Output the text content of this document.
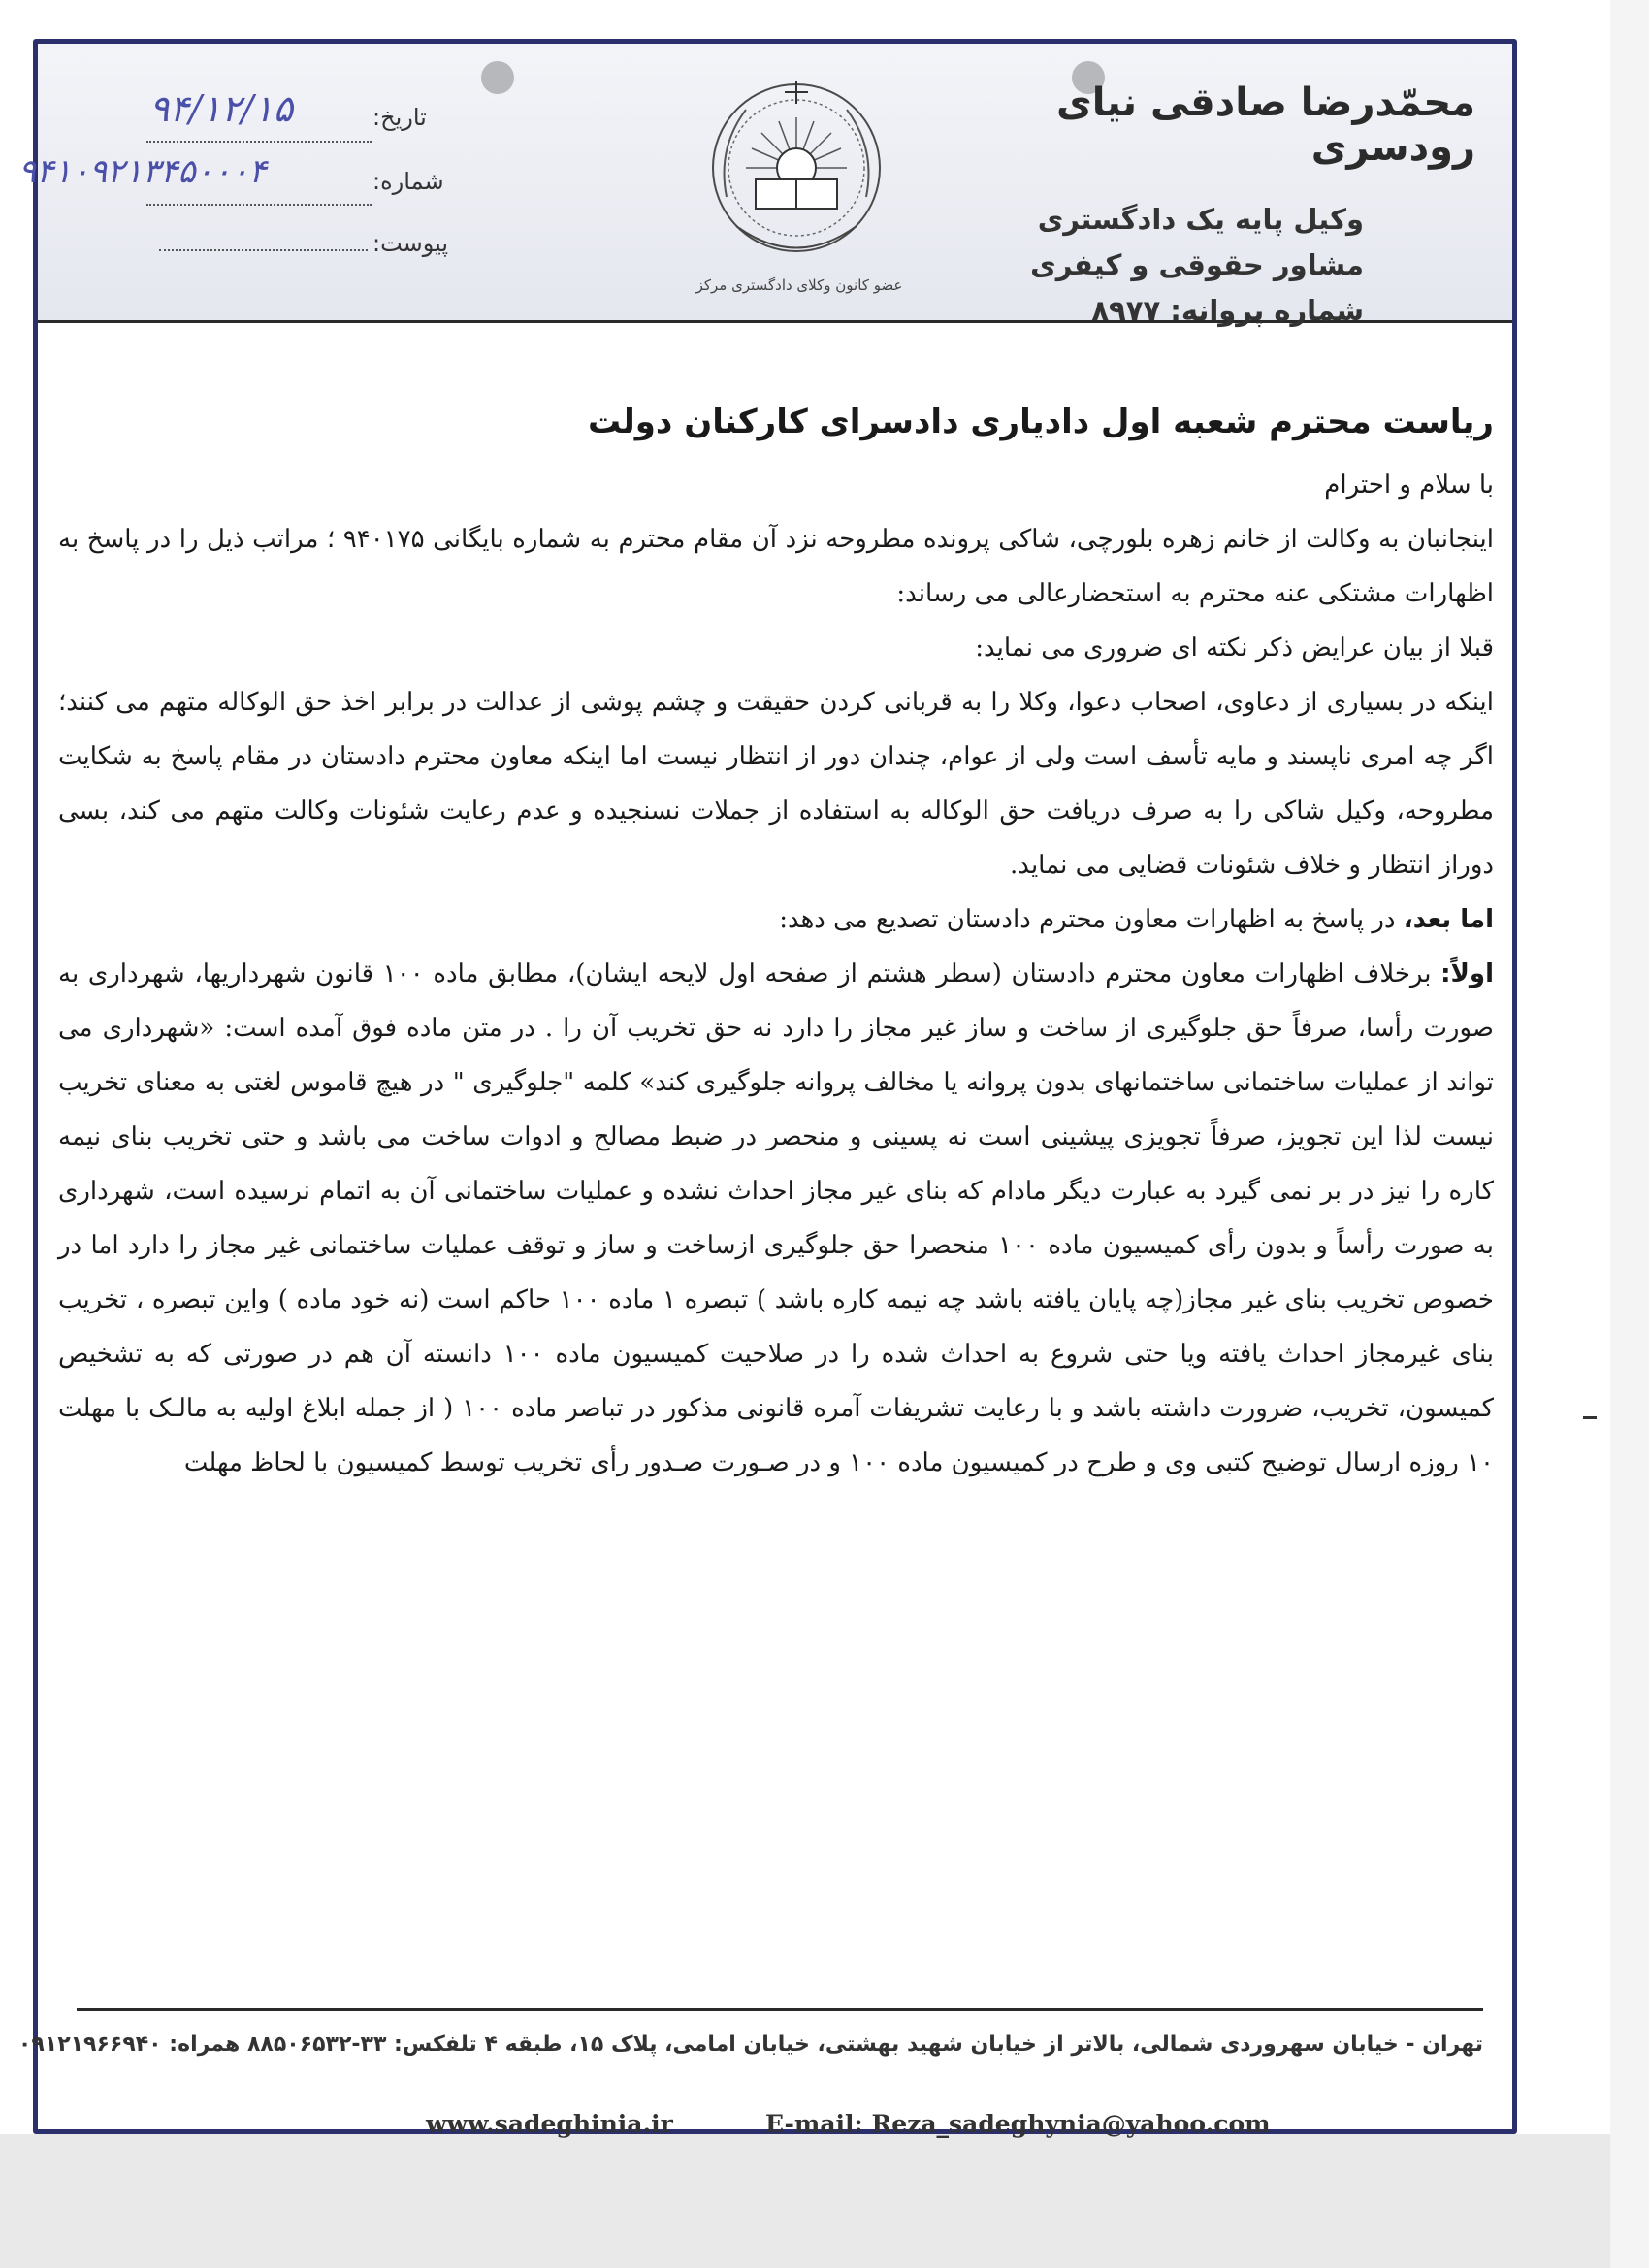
تاریخ:
۹۴/۱۲/۱۵
شماره:
۹۴۱۰۹۲۱۳۴۵۰۰۰۴
پیوست:
عضو کانون وکلای دادگستری مرکز
محمّدرضا صادقی نیای رودسری
وکیل پایه یک دادگستری
مشاور حقوقی و کیفری
شماره پروانه: ۸۹۷۷
تهران - خیابان سهروردی شمالی، بالاتر از خیابان شهید بهشتی، خیابان امامی، پلاک ۱۵، طبقه ۴ تلفکس: ۳۳-۸۸۵۰۶۵۳۲ همراه: ۰۹۱۲۱۹۶۶۹۴۰
www.sadeghinia.ir	E-mail: Reza_sadeghynia@yahoo.com
ریاست محترم شعبه اول دادیاری دادسرای کارکنان دولت

با سلام و احترام

اینجانبان به وکالت از خانم زهره بلورچی، شاکی پرونده مطروحه نزد آن مقام محترم به شماره بایگانی ۹۴۰۱۷۵ ؛ مراتب ذیل را در پاسخ به اظهارات مشتکی عنه محترم به استحضارعالی می رساند:

قبلا از بیان عرایض ذکر نکته ای ضروری می نماید:

اینکه در بسیاری از دعاوی، اصحاب دعوا، وکلا را به قربانی کردن حقیقت و چشم پوشی از عدالت در برابر اخذ حق الوکاله متهم می کنند؛ اگر چه امری ناپسند و مایه تأسف است ولی از عوام، چندان دور از انتظار نیست اما اینکه معاون محترم دادستان در مقام پاسخ به شکایت مطروحه، وکیل شاکی را به صرف دریافت حق الوکاله به استفاده از جملات نسنجیده و عدم رعایت شئونات وکالت متهم می کند، بسی دوراز انتظار و خلاف شئونات قضایی می نماید.

اما بعد، در پاسخ به اظهارات معاون محترم دادستان تصدیع می دهد:

اولاً: برخلاف اظهارات معاون محترم دادستان (سطر هشتم از صفحه اول لایحه ایشان)، مطابق ماده ۱۰۰ قانون شهرداریها، شهرداری به صورت رأسا، صرفاً حق جلوگیری از ساخت و ساز غیر مجاز را دارد نه حق تخریب آن را . در متن ماده فوق آمده است: «شهرداری می تواند از عملیات ساختمانی ساختمانهای بدون پروانه یا مخالف پروانه جلوگیری کند» کلمه "جلوگیری " در هیچ قاموس لغتی به معنای تخریب نیست لذا این تجویز، صرفاً تجویزی پیشینی است نه پسینی و منحصر در ضبط مصالح و ادوات ساخت می باشد و حتی تخریب بنای نیمه کاره را نیز در بر نمی گیرد به عبارت دیگر مادام که بنای غیر مجاز احداث نشده و عملیات ساختمانی آن به اتمام نرسیده است، شهرداری به صورت رأساً و بدون رأی کمیسیون ماده ۱۰۰ منحصرا حق جلوگیری ازساخت و ساز و توقف عملیات ساختمانی غیر مجاز را دارد اما در خصوص تخریب بنای غیر مجاز(چه پایان یافته باشد چه نیمه کاره باشد ) تبصره ۱ ماده ۱۰۰ حاکم است (نه خود ماده ) واین تبصره ، تخریب بنای غیرمجاز احداث یافته ویا حتی شروع به احداث شده را در صلاحیت کمیسیون ماده ۱۰۰ دانسته آن هم در صورتی که به تشخیص کمیسون، تخریب، ضرورت داشته باشد و با رعایت تشریفات آمره قانونی مذکور در تباصر ماده ۱۰۰ ( از جمله ابلاغ اولیه به مالـک با مهلت ۱۰ روزه ارسال توضیح کتبی وی و طرح در کمیسیون ماده ۱۰۰ و در صـورت صـدور رأی تخریب توسط کمیسیون با لحاظ مهلت
